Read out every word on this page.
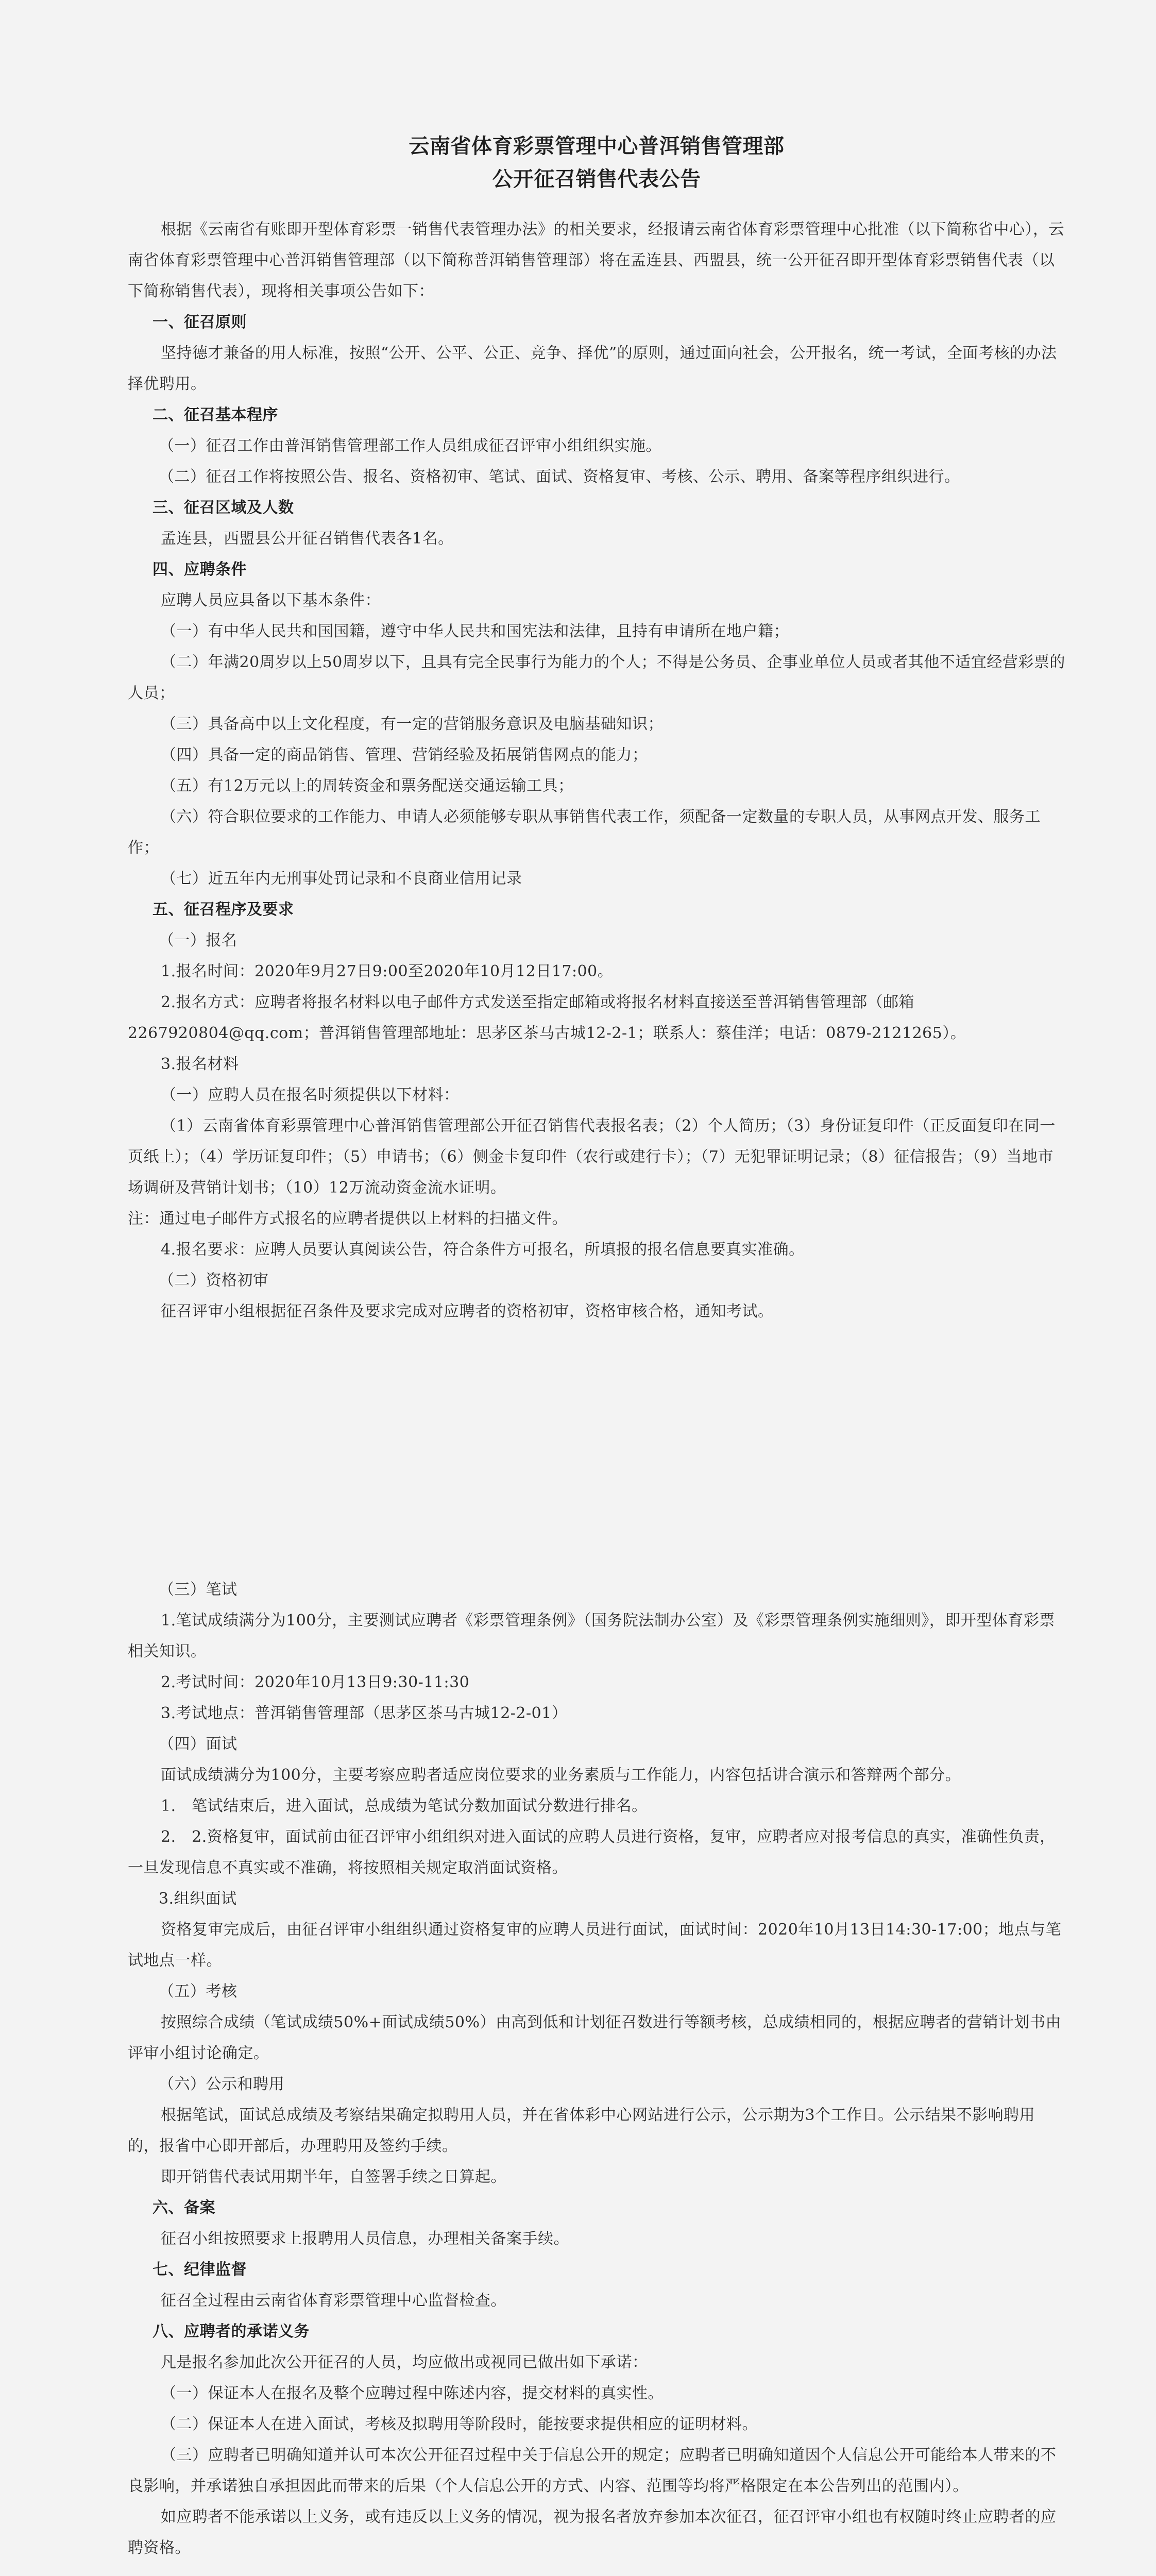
云南省体育彩票管理中心普洱销售管理部

公开征召销售代表公告

根据《云南省有账即开型体育彩票一销售代表管理办法》的相关要求，经报请云南省体育彩票管理中心批准（以下简称省中心），云南省体育彩票管理中心普洱销售管理部（以下简称普洱销售管理部）将在孟连县、西盟县，统一公开征召即开型体育彩票销售代表（以下简称销售代表），现将相关事项公告如下：

一、征召原则

坚持德才兼备的用人标准，按照“公开、公平、公正、竞争、择优”的原则，通过面向社会，公开报名，统一考试，全面考核的办法择优聘用。

二、征召基本程序

（一）征召工作由普洱销售管理部工作人员组成征召评审小组组织实施。

（二）征召工作将按照公告、报名、资格初审、笔试、面试、资格复审、考核、公示、聘用、备案等程序组织进行。

三、征召区域及人数

孟连县，西盟县公开征召销售代表各1名。

四、应聘条件

应聘人员应具备以下基本条件：

（一）有中华人民共和国国籍，遵守中华人民共和国宪法和法律，且持有申请所在地户籍；

（二）年满20周岁以上50周岁以下，且具有完全民事行为能力的个人；不得是公务员、企事业单位人员或者其他不适宜经营彩票的人员；

（三）具备高中以上文化程度，有一定的营销服务意识及电脑基础知识；

（四）具备一定的商品销售、管理、营销经验及拓展销售网点的能力；

（五）有12万元以上的周转资金和票务配送交通运输工具；

（六）符合职位要求的工作能力、申请人必须能够专职从事销售代表工作，须配备一定数量的专职人员，从事网点开发、服务工作；

（七）近五年内无刑事处罚记录和不良商业信用记录

五、征召程序及要求

（一）报名

1.报名时间：2020年9月27日9:00至2020年10月12日17:00。

2.报名方式：应聘者将报名材料以电子邮件方式发送至指定邮箱或将报名材料直接送至普洱销售管理部（邮箱2267920804@qq.com；普洱销售管理部地址：思茅区茶马古城12-2-1；联系人：蔡佳洋；电话：0879-2121265）。

3.报名材料

（一）应聘人员在报名时须提供以下材料：

（1）云南省体育彩票管理中心普洱销售管理部公开征召销售代表报名表；（2）个人简历；（3）身份证复印件（正反面复印在同一页纸上）；（4）学历证复印件；（5）申请书；（6）侧金卡复印件（农行或建行卡）；（7）无犯罪证明记录；（8）征信报告；（9）当地市场调研及营销计划书；（10）12万流动资金流水证明。

注：通过电子邮件方式报名的应聘者提供以上材料的扫描文件。

4.报名要求：应聘人员要认真阅读公告，符合条件方可报名，所填报的报名信息要真实准确。

（二）资格初审

征召评审小组根据征召条件及要求完成对应聘者的资格初审，资格审核合格，通知考试。

（三）笔试

1.笔试成绩满分为100分，主要测试应聘者《彩票管理条例》（国务院法制办公室）及《彩票管理条例实施细则》，即开型体育彩票相关知识。

2.考试时间：2020年10月13日9:30-11:30

3.考试地点：普洱销售管理部（思茅区茶马古城12-2-01）

（四）面试

面试成绩满分为100分，主要考察应聘者适应岗位要求的业务素质与工作能力，内容包括讲合演示和答辩两个部分。

1.　笔试结束后，进入面试，总成绩为笔试分数加面试分数进行排名。

2.　2.资格复审，面试前由征召评审小组组织对进入面试的应聘人员进行资格，复审，应聘者应对报考信息的真实，准确性负责，一旦发现信息不真实或不准确，将按照相关规定取消面试资格。

3.组织面试

资格复审完成后，由征召评审小组组织通过资格复审的应聘人员进行面试，面试时间：2020年10月13日14:30-17:00；地点与笔试地点一样。

（五）考核

按照综合成绩（笔试成绩50%+面试成绩50%）由高到低和计划征召数进行等额考核，总成绩相同的，根据应聘者的营销计划书由评审小组讨论确定。

（六）公示和聘用

根据笔试，面试总成绩及考察结果确定拟聘用人员，并在省体彩中心网站进行公示，公示期为3个工作日。公示结果不影响聘用的，报省中心即开部后，办理聘用及签约手续。

即开销售代表试用期半年，自签署手续之日算起。

六、备案

征召小组按照要求上报聘用人员信息，办理相关备案手续。

七、纪律监督

征召全过程由云南省体育彩票管理中心监督检查。

八、应聘者的承诺义务

凡是报名参加此次公开征召的人员，均应做出或视同已做出如下承诺：

（一）保证本人在报名及整个应聘过程中陈述内容，提交材料的真实性。

（二）保证本人在进入面试，考核及拟聘用等阶段时，能按要求提供相应的证明材料。

（三）应聘者已明确知道并认可本次公开征召过程中关于信息公开的规定；应聘者已明确知道因个人信息公开可能给本人带来的不良影响，并承诺独自承担因此而带来的后果（个人信息公开的方式、内容、范围等均将严格限定在本公告列出的范围内）。

如应聘者不能承诺以上义务，或有违反以上义务的情况，视为报名者放弃参加本次征召，征召评审小组也有权随时终止应聘者的应聘资格。
